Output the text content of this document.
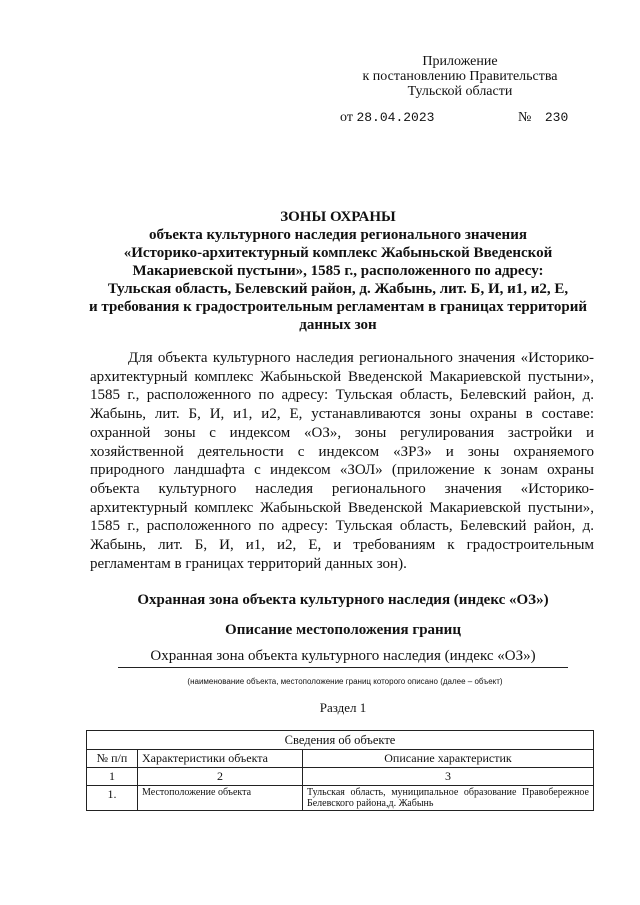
Приложение
к постановлению Правительства
Тульской области
от 28.04.2023	№ 230
ЗОНЫ ОХРАНЫ
объекта культурного наследия регионального значения
«Историко-архитектурный комплекс Жабыньской Введенской
Макариевской пустыни», 1585 г., расположенного по адресу:
Тульская область, Белевский район, д. Жабынь, лит. Б, И, и1, и2, Е,
и требования к градостроительным регламентам в границах территорий
данных зон
Для объекта культурного наследия регионального значения «Историко-архитектурный комплекс Жабыньской Введенской Макариевской пустыни», 1585 г., расположенного по адресу: Тульская область, Белевский район, д. Жабынь, лит. Б, И, и1, и2, Е, устанавливаются зоны охраны в составе: охранной зоны с индексом «ОЗ», зоны регулирования застройки и хозяйственной деятельности с индексом «ЗРЗ» и зоны охраняемого природного ландшафта с индексом «ЗОЛ» (приложение к зонам охраны объекта культурного наследия регионального значения «Историко-архитектурный комплекс Жабыньской Введенской Макариевской пустыни», 1585 г., расположенного по адресу: Тульская область, Белевский район, д. Жабынь, лит. Б, И, и1, и2, Е, и требованиям к градостроительным регламентам в границах территорий данных зон).
Охранная зона объекта культурного наследия (индекс «ОЗ»)
Описание местоположения границ
Охранная зона объекта культурного наследия (индекс «ОЗ»)
(наименование объекта, местоположение границ которого описано (далее – объект)
Раздел 1
Сведения об объекте		
№ п/п	Характеристики объекта	Описание характеристик
1	2	3
1.	Местоположение объекта	Тульская область, муниципальное образование Правобережное Белевского района,д. Жабынь
